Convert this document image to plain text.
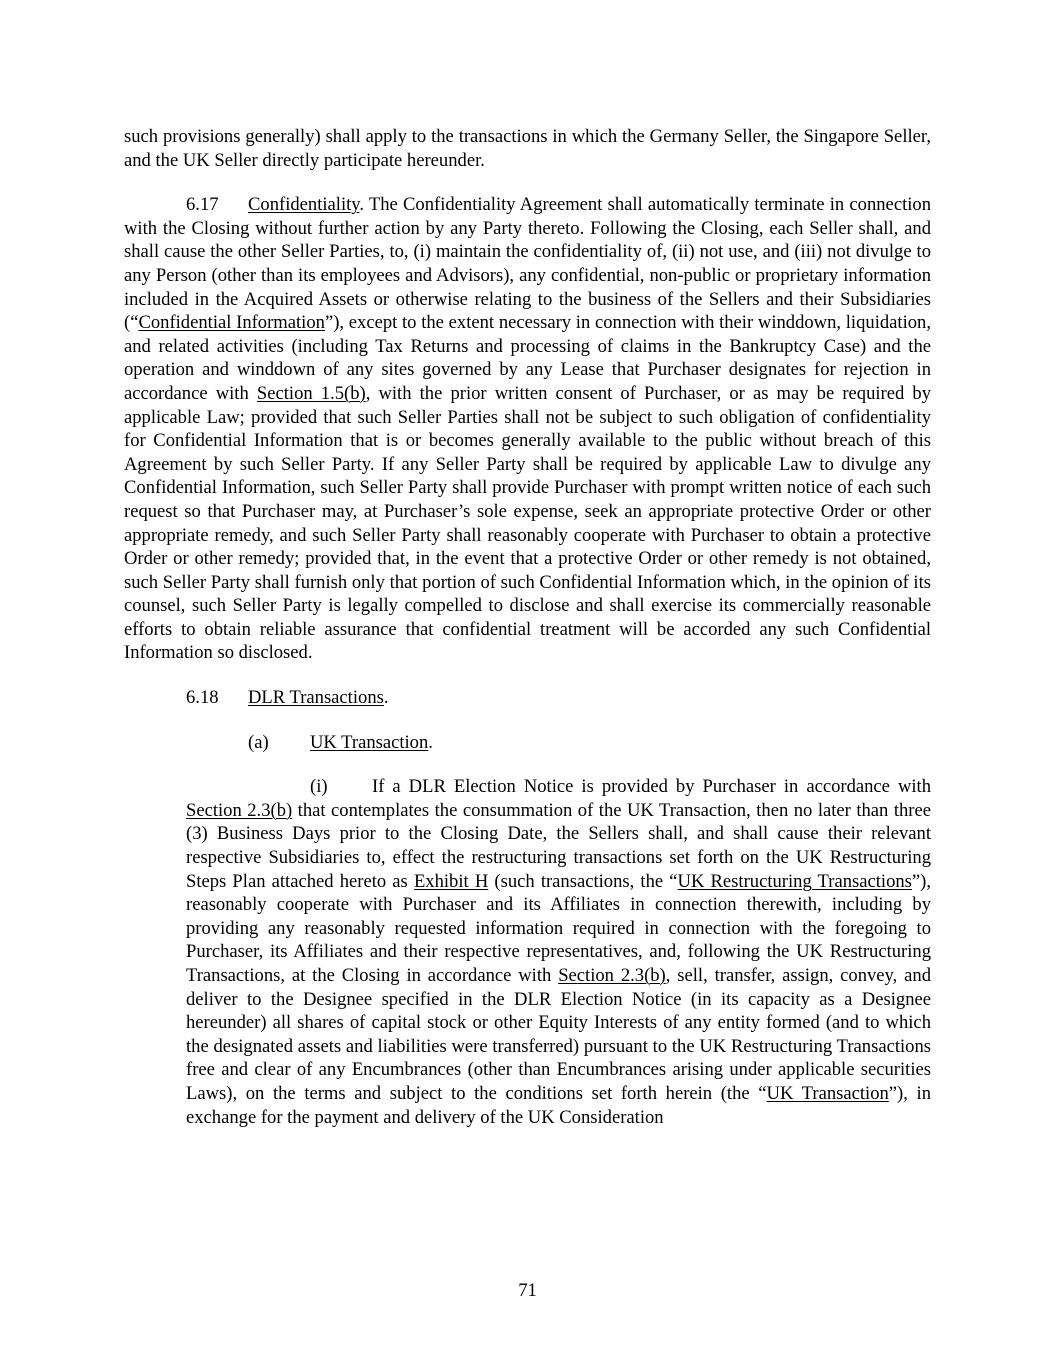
such provisions generally) shall apply to the transactions in which the Germany Seller, the Singapore Seller, and the UK Seller directly participate hereunder.

6.17 Confidentiality. The Confidentiality Agreement shall automatically terminate in connection with the Closing without further action by any Party thereto. Following the Closing, each Seller shall, and shall cause the other Seller Parties, to, (i) maintain the confidentiality of, (ii) not use, and (iii) not divulge to any Person (other than its employees and Advisors), any confidential, non-public or proprietary information included in the Acquired Assets or otherwise relating to the business of the Sellers and their Subsidiaries (“Confidential Information”), except to the extent necessary in connection with their winddown, liquidation, and related activities (including Tax Returns and processing of claims in the Bankruptcy Case) and the operation and winddown of any sites governed by any Lease that Purchaser designates for rejection in accordance with Section 1.5(b), with the prior written consent of Purchaser, or as may be required by applicable Law; provided that such Seller Parties shall not be subject to such obligation of confidentiality for Confidential Information that is or becomes generally available to the public without breach of this Agreement by such Seller Party. If any Seller Party shall be required by applicable Law to divulge any Confidential Information, such Seller Party shall provide Purchaser with prompt written notice of each such request so that Purchaser may, at Purchaser’s sole expense, seek an appropriate protective Order or other appropriate remedy, and such Seller Party shall reasonably cooperate with Purchaser to obtain a protective Order or other remedy; provided that, in the event that a protective Order or other remedy is not obtained, such Seller Party shall furnish only that portion of such Confidential Information which, in the opinion of its counsel, such Seller Party is legally compelled to disclose and shall exercise its commercially reasonable efforts to obtain reliable assurance that confidential treatment will be accorded any such Confidential Information so disclosed.

6.18 DLR Transactions.

(a) UK Transaction.

(i) If a DLR Election Notice is provided by Purchaser in accordance with Section 2.3(b) that contemplates the consummation of the UK Transaction, then no later than three (3) Business Days prior to the Closing Date, the Sellers shall, and shall cause their relevant respective Subsidiaries to, effect the restructuring transactions set forth on the UK Restructuring Steps Plan attached hereto as Exhibit H (such transactions, the “UK Restructuring Transactions”), reasonably cooperate with Purchaser and its Affiliates in connection therewith, including by providing any reasonably requested information required in connection with the foregoing to Purchaser, its Affiliates and their respective representatives, and, following the UK Restructuring Transactions, at the Closing in accordance with Section 2.3(b), sell, transfer, assign, convey, and deliver to the Designee specified in the DLR Election Notice (in its capacity as a Designee hereunder) all shares of capital stock or other Equity Interests of any entity formed (and to which the designated assets and liabilities were transferred) pursuant to the UK Restructuring Transactions free and clear of any Encumbrances (other than Encumbrances arising under applicable securities Laws), on the terms and subject to the conditions set forth herein (the “UK Transaction”), in exchange for the payment and delivery of the UK Consideration

71
